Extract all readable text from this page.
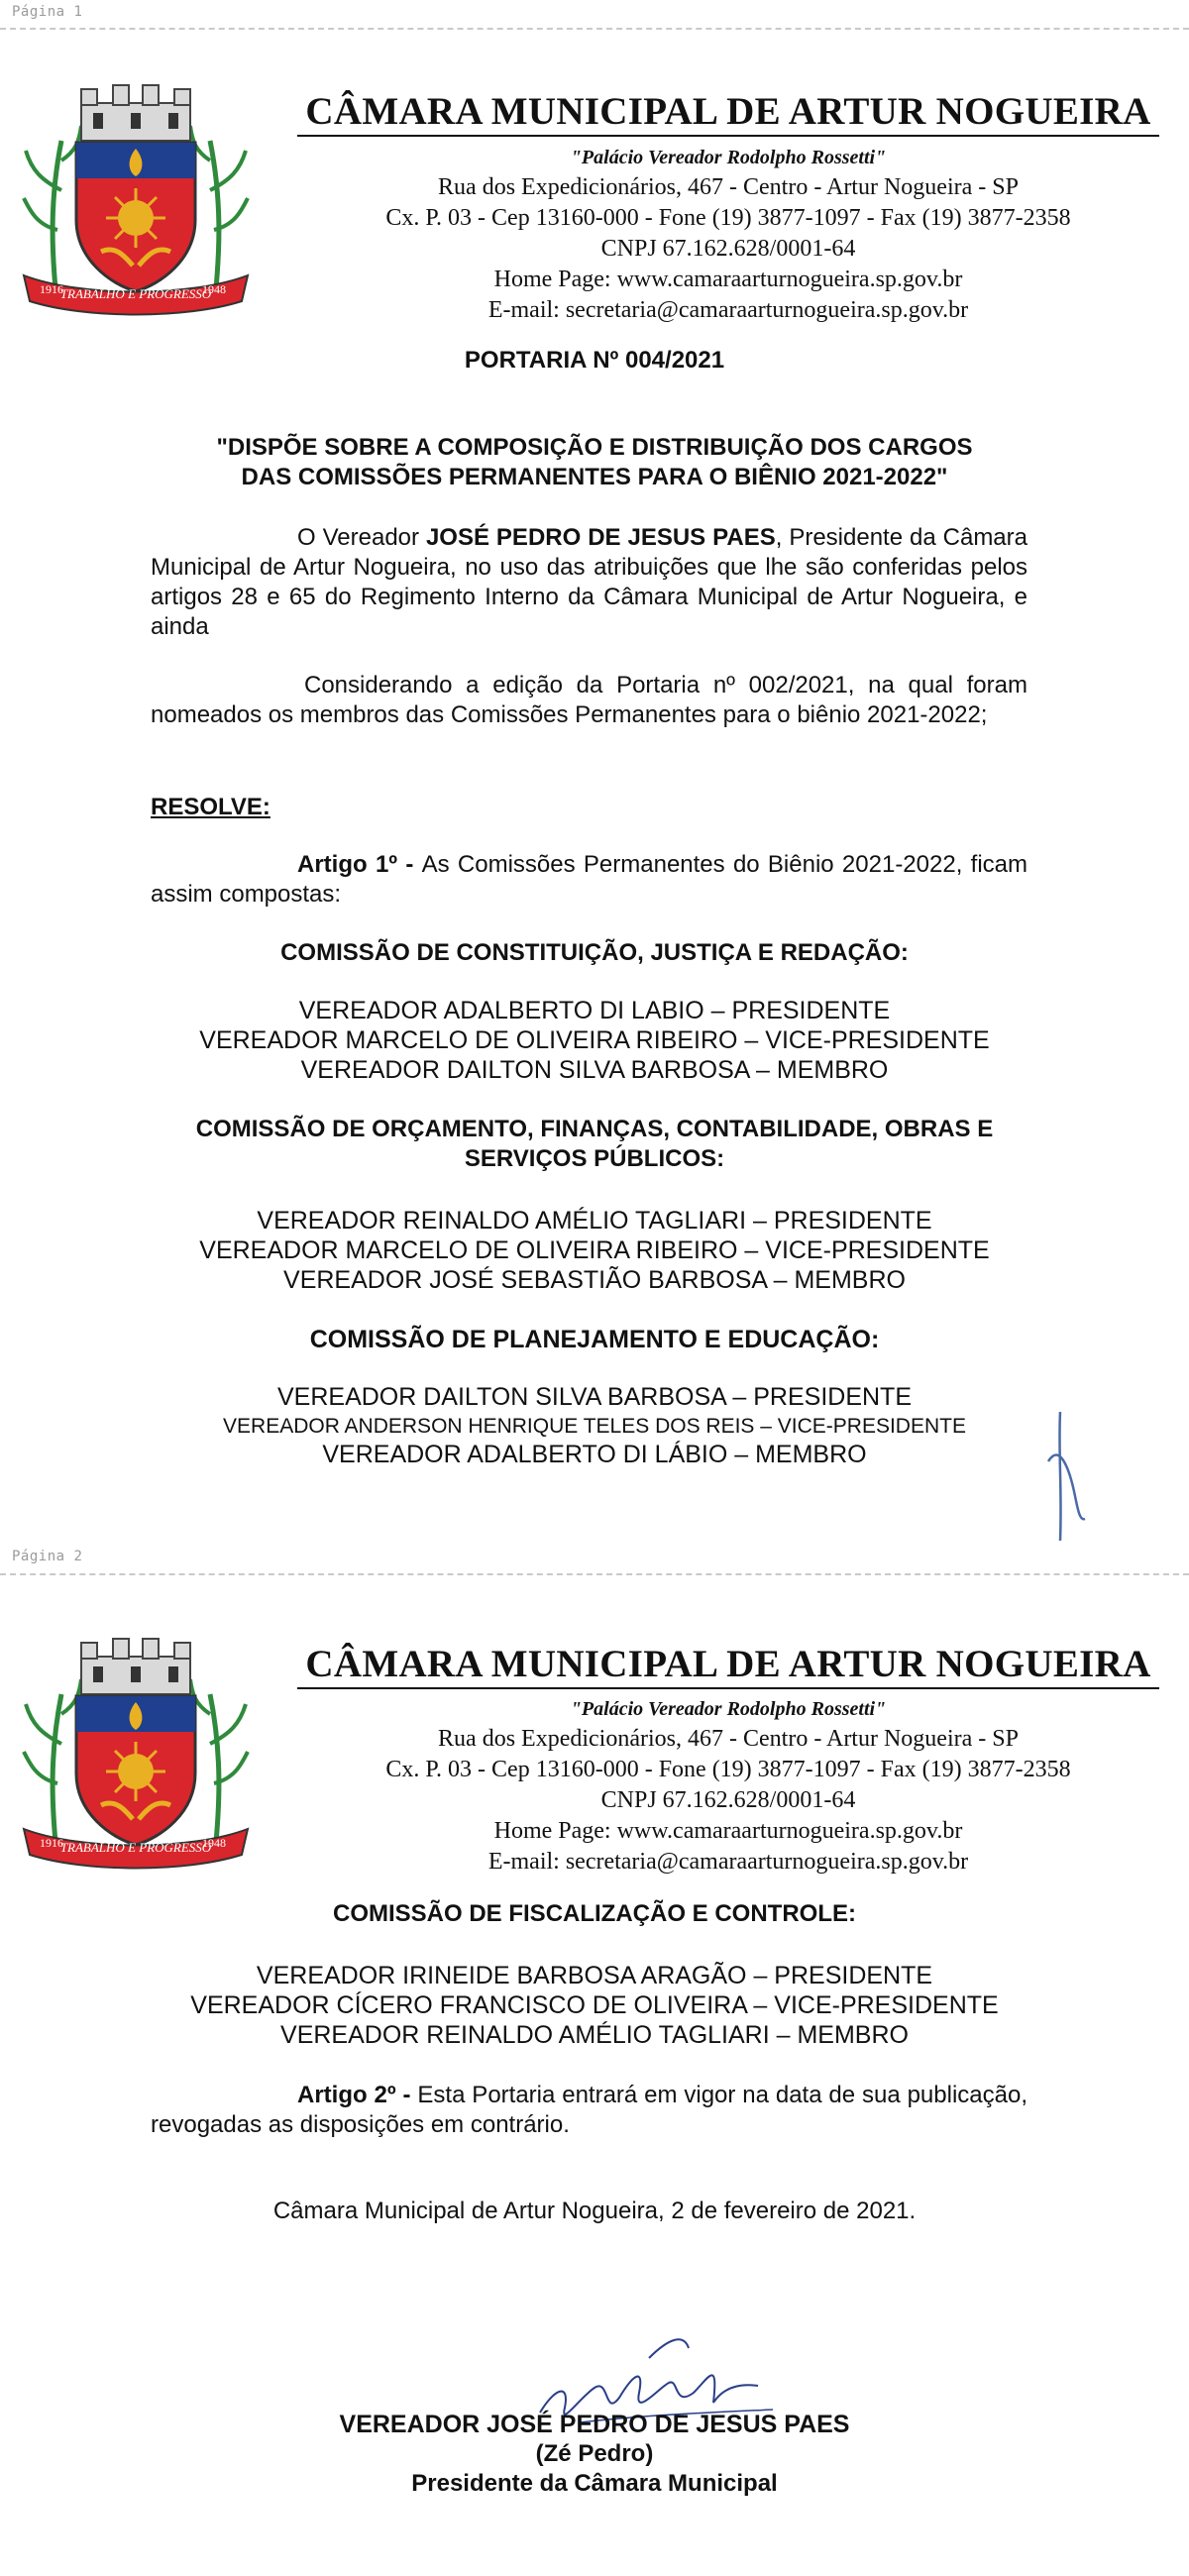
Página 1
TRABALHO E PROGRESSO
1916	1948
CÂMARA MUNICIPAL DE ARTUR NOGUEIRA
"Palácio Vereador Rodolpho Rossetti"
Rua dos Expedicionários, 467 - Centro - Artur Nogueira - SP
Cx. P. 03 - Cep 13160-000 - Fone (19) 3877-1097 - Fax (19) 3877-2358
CNPJ 67.162.628/0001-64
Home Page: www.camaraarturnogueira.sp.gov.br
E-mail: secretaria@camaraarturnogueira.sp.gov.br
PORTARIA Nº 004/2021
"DISPÕE SOBRE A COMPOSIÇÃO E DISTRIBUIÇÃO DOS CARGOS
DAS COMISSÕES PERMANENTES PARA O BIÊNIO 2021-2022"
O Vereador JOSÉ PEDRO DE JESUS PAES, Presidente da Câmara Municipal de Artur Nogueira, no uso das atribuições que lhe são conferidas pelos artigos 28 e 65 do Regimento Interno da Câmara Municipal de Artur Nogueira, e ainda
Considerando a edição da Portaria nº 002/2021, na qual foram nomeados os membros das Comissões Permanentes para o biênio 2021-2022;
RESOLVE:
Artigo 1º - As Comissões Permanentes do Biênio 2021-2022, ficam assim compostas:
COMISSÃO DE CONSTITUIÇÃO, JUSTIÇA E REDAÇÃO:
VEREADOR ADALBERTO DI LABIO – PRESIDENTE
VEREADOR MARCELO DE OLIVEIRA RIBEIRO – VICE-PRESIDENTE
VEREADOR DAILTON SILVA BARBOSA – MEMBRO
COMISSÃO DE ORÇAMENTO, FINANÇAS, CONTABILIDADE, OBRAS E
SERVIÇOS PÚBLICOS:
VEREADOR REINALDO AMÉLIO TAGLIARI – PRESIDENTE
VEREADOR MARCELO DE OLIVEIRA RIBEIRO – VICE-PRESIDENTE
VEREADOR JOSÉ SEBASTIÃO BARBOSA – MEMBRO
COMISSÃO DE PLANEJAMENTO E EDUCAÇÃO:
VEREADOR DAILTON SILVA BARBOSA – PRESIDENTE
VEREADOR ANDERSON HENRIQUE TELES DOS REIS – VICE-PRESIDENTE
VEREADOR ADALBERTO DI LÁBIO – MEMBRO
Página 2
TRABALHO E PROGRESSO
1916	1948
CÂMARA MUNICIPAL DE ARTUR NOGUEIRA
"Palácio Vereador Rodolpho Rossetti"
Rua dos Expedicionários, 467 - Centro - Artur Nogueira - SP
Cx. P. 03 - Cep 13160-000 - Fone (19) 3877-1097 - Fax (19) 3877-2358
CNPJ 67.162.628/0001-64
Home Page: www.camaraarturnogueira.sp.gov.br
E-mail: secretaria@camaraarturnogueira.sp.gov.br
COMISSÃO DE FISCALIZAÇÃO E CONTROLE:
VEREADOR IRINEIDE BARBOSA ARAGÃO – PRESIDENTE
VEREADOR CÍCERO FRANCISCO DE OLIVEIRA – VICE-PRESIDENTE
VEREADOR REINALDO AMÉLIO TAGLIARI – MEMBRO
Artigo 2º - Esta Portaria entrará em vigor na data de sua publicação, revogadas as disposições em contrário.
Câmara Municipal de Artur Nogueira, 2 de fevereiro de 2021.
VEREADOR JOSÉ PEDRO DE JESUS PAES
(Zé Pedro)
Presidente da Câmara Municipal
